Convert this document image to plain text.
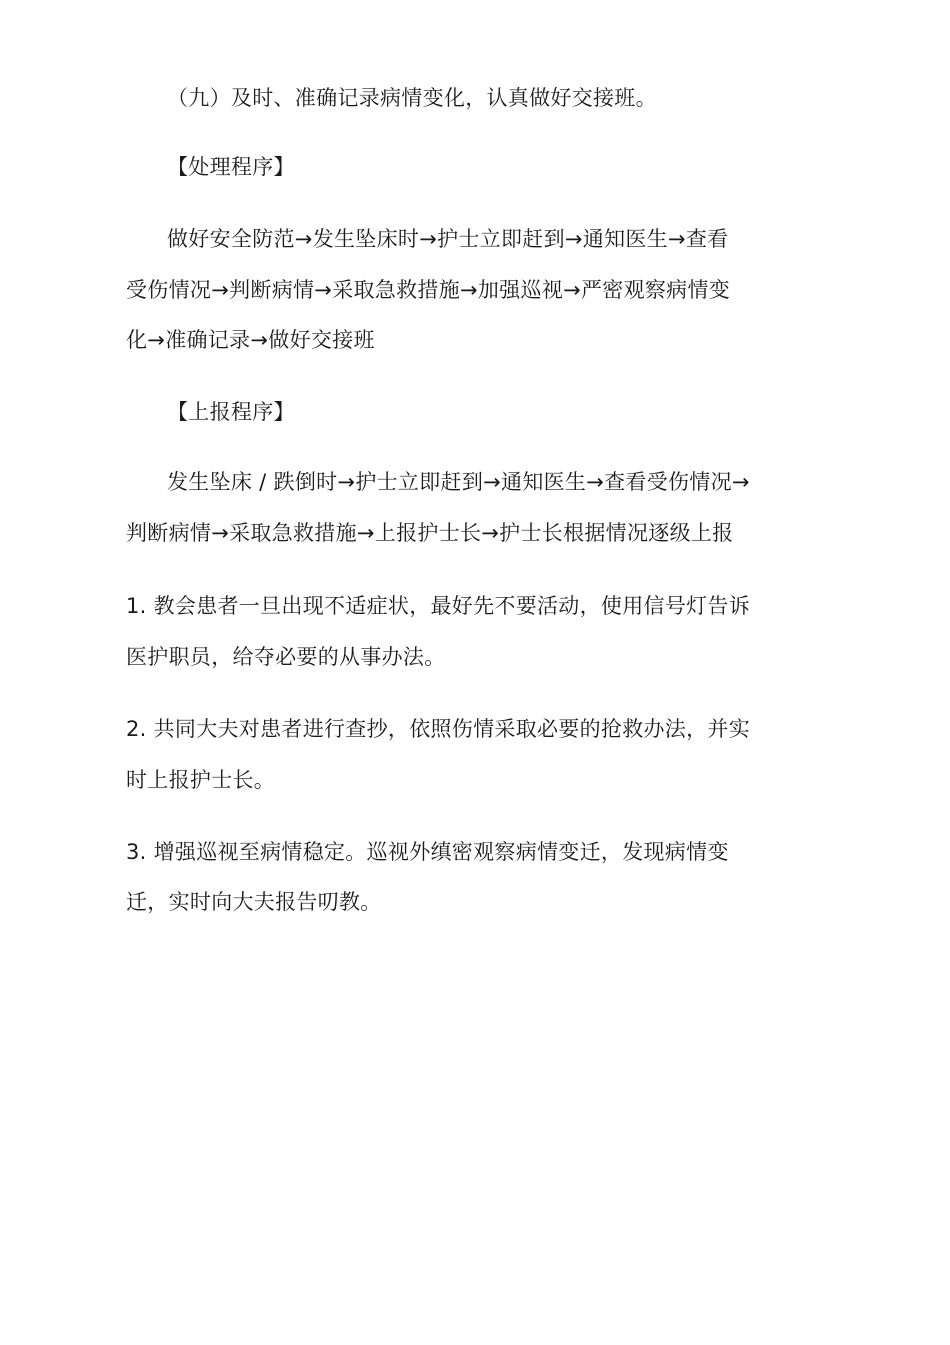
（九）及时、准确记录病情变化，认真做好交接班。
【处理程序】
做好安全防范→发生坠床时→护士立即赶到→通知医生→查看
受伤情况→判断病情→采取急救措施→加强巡视→严密观察病情变
化→准确记录→做好交接班
【上报程序】
发生坠床 / 跌倒时→护士立即赶到→通知医生→查看受伤情况→
判断病情→采取急救措施→上报护士长→护士长根据情况逐级上报
1. 教会患者一旦出现不适症状，最好先不要活动，使用信号灯告诉
医护职员，给夺必要的从事办法。
2. 共同大夫对患者进行查抄，依照伤情采取必要的抢救办法，并实
时上报护士长。
3. 增强巡视至病情稳定。巡视外缜密观察病情变迁，发现病情变
迁，实时向大夫报告叨教。
